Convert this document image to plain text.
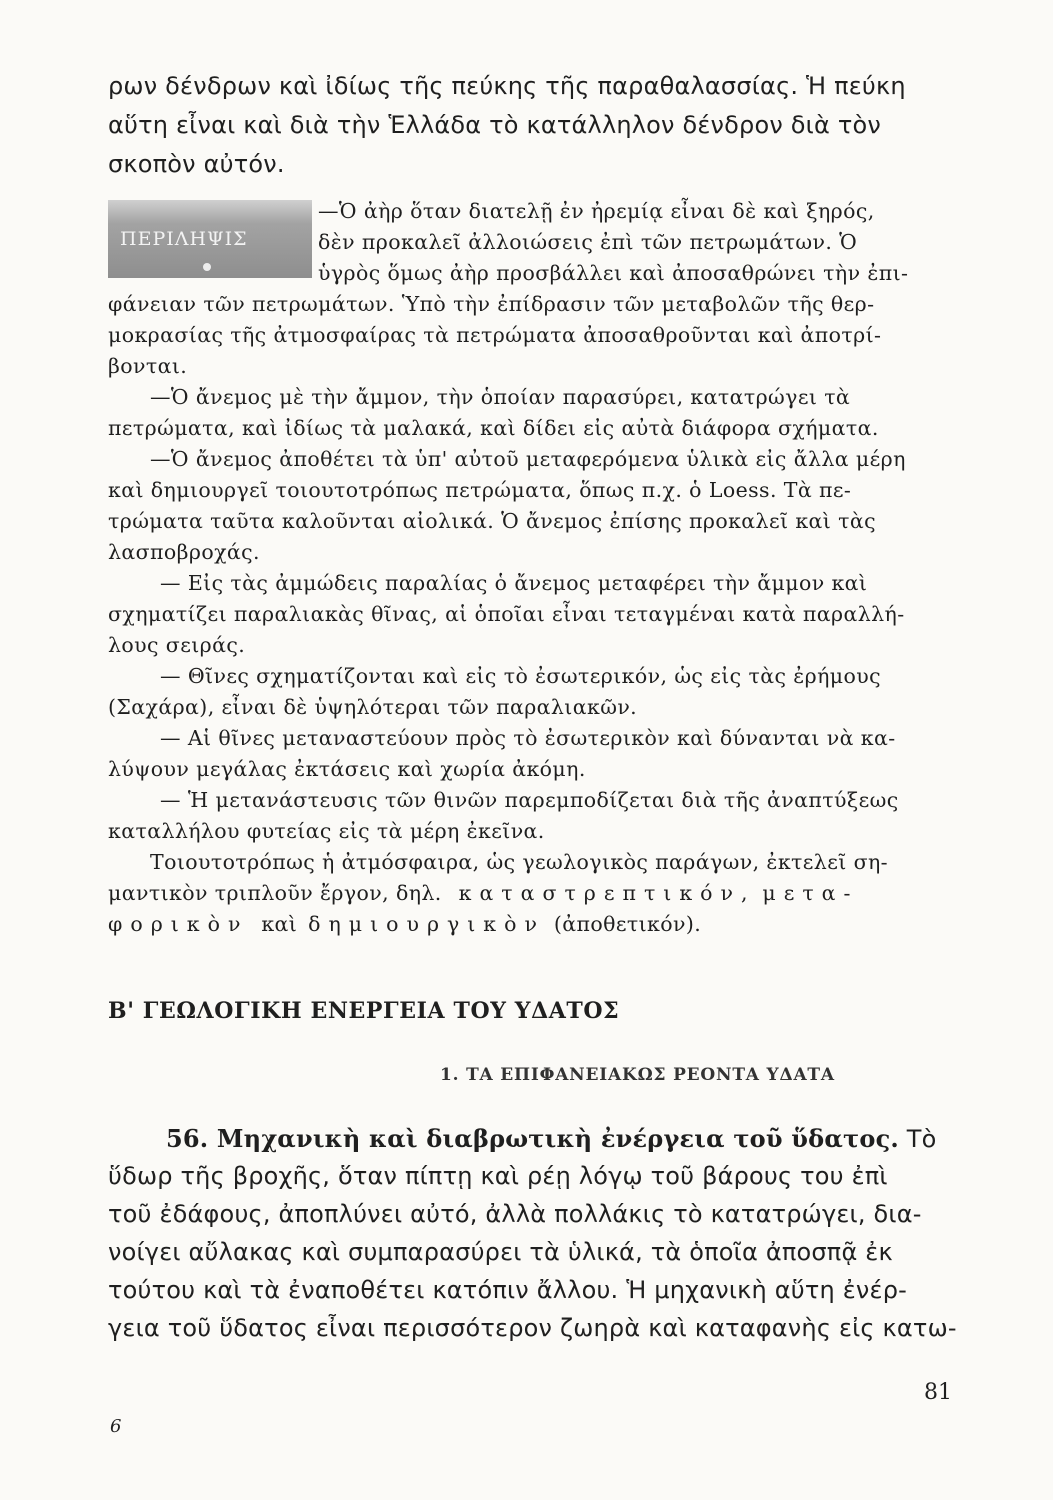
ρων δένδρων καὶ ἰδίως τῆς πεύκης τῆς παραθαλασσίας. Ἡ πεύκη
αὕτη εἶναι καὶ διὰ τὴν Ἑλλάδα τὸ κατάλληλον δένδρον διὰ τὸν
σκοπὸν αὐτόν.
ΠΕΡΙΛΗΨΙΣ
—Ὁ ἀὴρ ὅταν διατελῇ ἐν ἠρεμίᾳ εἶναι δὲ καὶ ξηρός,
δὲν προκαλεῖ ἀλλοιώσεις ἐπὶ τῶν πετρωμάτων. Ὁ
ὑγρὸς ὅμως ἀὴρ προσβάλλει καὶ ἀποσαθρώνει τὴν ἐπι-
φάνειαν τῶν πετρωμάτων. Ὑπὸ τὴν ἐπίδρασιν τῶν μεταβολῶν τῆς θερ-
μοκρασίας τῆς ἀτμοσφαίρας τὰ πετρώματα ἀποσαθροῦνται καὶ ἀποτρί-
βονται.
—Ὁ ἄνεμος μὲ τὴν ἄμμον, τὴν ὁποίαν παρασύρει, κατατρώγει τὰ
πετρώματα, καὶ ἰδίως τὰ μαλακά, καὶ δίδει εἰς αὐτὰ διάφορα σχήματα.
—Ὁ ἄνεμος ἀποθέτει τὰ ὑπ' αὐτοῦ μεταφερόμενα ὑλικὰ εἰς ἄλλα μέρη
καὶ δημιουργεῖ τοιουτοτρόπως πετρώματα, ὅπως π.χ. ὁ Loess. Τὰ πε-
τρώματα ταῦτα καλοῦνται αἰολικά. Ὁ ἄνεμος ἐπίσης προκαλεῖ καὶ τὰς
λασποβροχάς.
— Εἰς τὰς ἀμμώδεις παραλίας ὁ ἄνεμος μεταφέρει τὴν ἄμμον καὶ
σχηματίζει παραλιακὰς θῖνας, αἱ ὁποῖαι εἶναι τεταγμέναι κατὰ παραλλή-
λους σειράς.
— Θῖνες σχηματίζονται καὶ εἰς τὸ ἐσωτερικόν, ὡς εἰς τὰς ἐρήμους
(Σαχάρα), εἶναι δὲ ὑψηλότεραι τῶν παραλιακῶν.
— Αἱ θῖνες μεταναστεύουν πρὸς τὸ ἐσωτερικὸν καὶ δύνανται νὰ κα-
λύψουν μεγάλας ἐκτάσεις καὶ χωρία ἀκόμη.
— Ἡ μετανάστευσις τῶν θινῶν παρεμποδίζεται διὰ τῆς ἀναπτύξεως
καταλλήλου φυτείας εἰς τὰ μέρη ἐκεῖνα.
Τοιουτοτρόπως ἡ ἀτμόσφαιρα, ὡς γεωλογικὸς παράγων, ἐκτελεῖ ση-
μαντικὸν τριπλοῦν ἔργον, δηλ. καταστρεπτικόν, μετα-
φορικὸν καὶ δημιουργικὸν (ἀποθετικόν).
Β' ΓΕΩΛΟΓΙΚΗ ΕΝΕΡΓΕΙΑ ΤΟΥ ΥΔΑΤΟΣ
1. ΤΑ ΕΠΙΦΑΝΕΙΑΚΩΣ ΡΕΟΝΤΑ ΥΔΑΤΑ
56. Μηχανικὴ καὶ διαβρωτικὴ ἐνέργεια τοῦ ὕδατος. Τὸ
ὕδωρ τῆς βροχῆς, ὅταν πίπτῃ καὶ ρέῃ λόγῳ τοῦ βάρους του ἐπὶ
τοῦ ἐδάφους, ἀποπλύνει αὐτό, ἀλλὰ πολλάκις τὸ κατατρώγει, δια-
νοίγει αὔλακας καὶ συμπαρασύρει τὰ ὑλικά, τὰ ὁποῖα ἀποσπᾷ ἐκ
τούτου καὶ τὰ ἐναποθέτει κατόπιν ἄλλου. Ἡ μηχανικὴ αὕτη ἐνέρ-
γεια τοῦ ὕδατος εἶναι περισσότερον ζωηρὰ καὶ καταφανὴς εἰς κατω-
6
81
